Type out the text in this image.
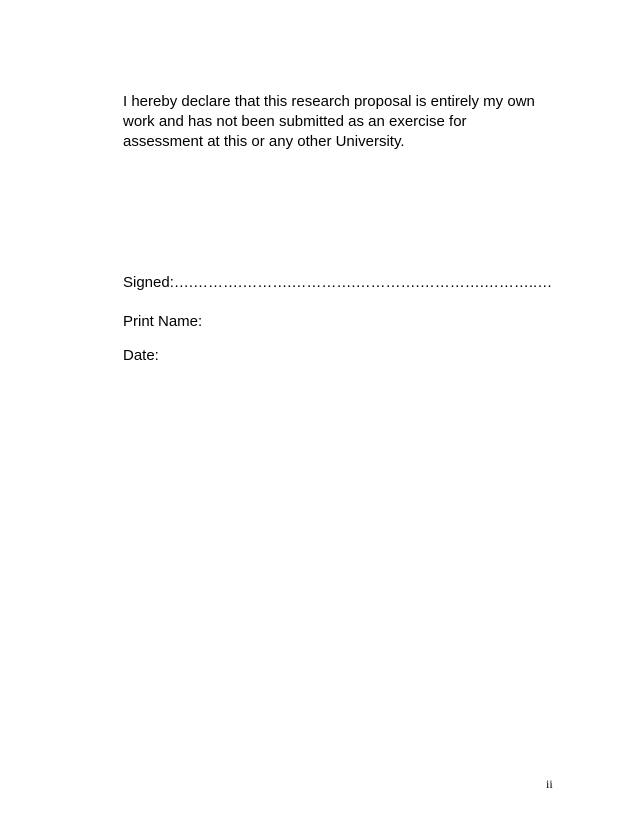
I hereby declare that this research proposal is entirely my own
work and has not been submitted as an exercise for
assessment at this or any other University.

Signed:….……….……….………….………….………….………..…

Print Name:

Date:

ii
